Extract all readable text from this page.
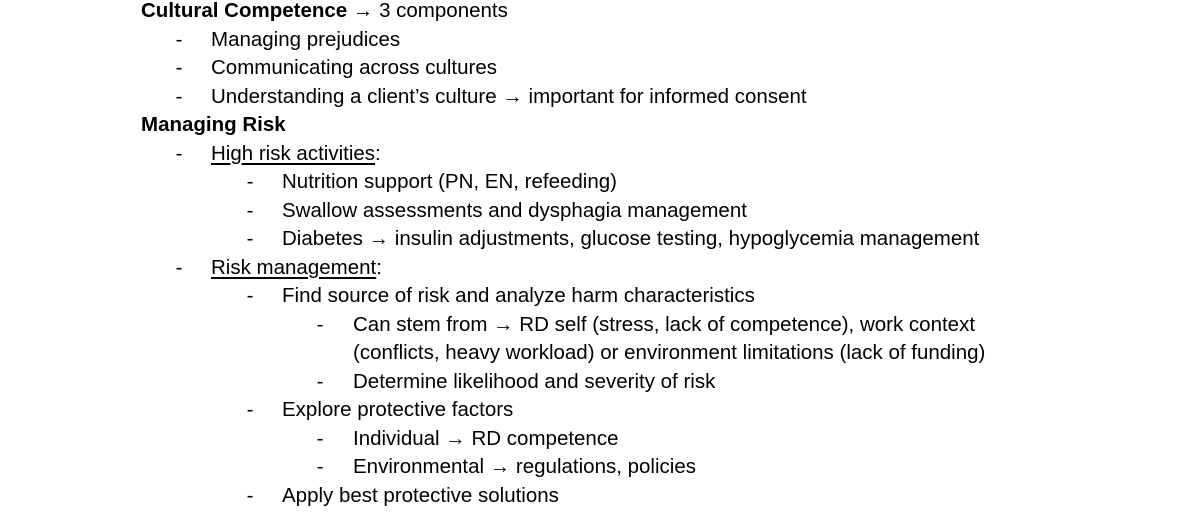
Cultural Competence → 3 components
- Managing prejudices
- Communicating across cultures
- Understanding a client’s culture → important for informed consent
Managing Risk
- High risk activities:
- Nutrition support (PN, EN, refeeding)
- Swallow assessments and dysphagia management
- Diabetes → insulin adjustments, glucose testing, hypoglycemia management
- Risk management:
- Find source of risk and analyze harm characteristics
- Can stem from → RD self (stress, lack of competence), work context
(conflicts, heavy workload) or environment limitations (lack of funding)
- Determine likelihood and severity of risk
- Explore protective factors
- Individual → RD competence
- Environmental → regulations, policies
- Apply best protective solutions
